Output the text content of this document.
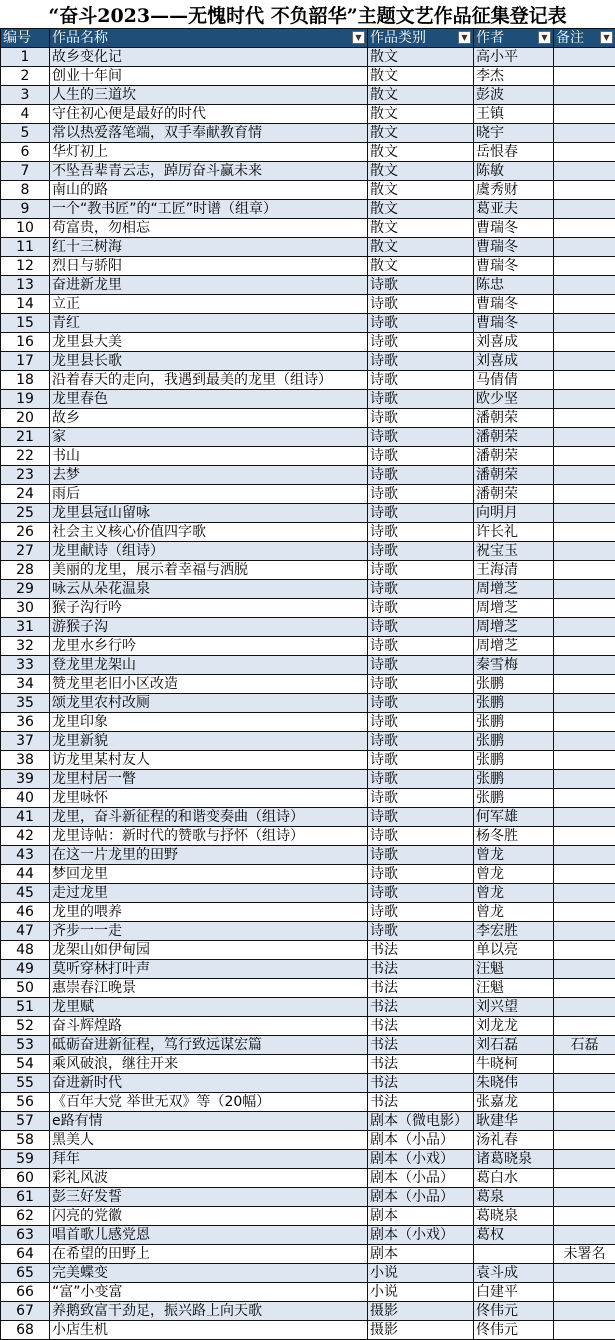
“奋斗2023——无愧时代 不负韶华”主题文艺作品征集登记表
编号	作品名称 ▼	作品类别 ▼	作者 ▼	备注 ▼

1	故乡变化记	散文	高小平	
2	创业十年间	散文	李杰	
3	人生的三道坎	散文	彭波	
4	守住初心便是最好的时代	散文	王镇	
5	常以热爱落笔端，双手奉献教育情	散文	晓宇	
6	华灯初上	散文	岳恨春	
7	不坠吾辈青云志，踔厉奋斗赢未来	散文	陈敏	
8	南山的路	散文	虞秀财	
9	一个“教书匠”的“工匠”时谱（组章）	散文	葛亚夫	
10	苟富贵，勿相忘	散文	曹瑞冬	
11	红十三树海	散文	曹瑞冬	
12	烈日与骄阳	散文	曹瑞冬	
13	奋进新龙里	诗歌	陈忠	
14	立正	诗歌	曹瑞冬	
15	青红	诗歌	曹瑞冬	
16	龙里县大美	诗歌	刘喜成	
17	龙里县长歌	诗歌	刘喜成	
18	沿着春天的走向，我遇到最美的龙里（组诗）	诗歌	马倩倩	
19	龙里春色	诗歌	欧少坚	
20	故乡	诗歌	潘朝荣	
21	家	诗歌	潘朝荣	
22	书山	诗歌	潘朝荣	
23	去梦	诗歌	潘朝荣	
24	雨后	诗歌	潘朝荣	
25	龙里县冠山留咏	诗歌	向明月	
26	社会主义核心价值四字歌	诗歌	许长礼	
27	龙里献诗（组诗）	诗歌	祝宝玉	
28	美丽的龙里，展示着幸福与洒脱	诗歌	王海清	
29	咏云从朵花温泉	诗歌	周增芝	
30	猴子沟行吟	诗歌	周增芝	
31	游猴子沟	诗歌	周增芝	
32	龙里水乡行吟	诗歌	周增芝	
33	登龙里龙架山	诗歌	秦雪梅	
34	赞龙里老旧小区改造	诗歌	张鹏	
35	颂龙里农村改厕	诗歌	张鹏	
36	龙里印象	诗歌	张鹏	
37	龙里新貌	诗歌	张鹏	
38	访龙里某村友人	诗歌	张鹏	
39	龙里村居一瞥	诗歌	张鹏	
40	龙里咏怀	诗歌	张鹏	
41	龙里，奋斗新征程的和谐变奏曲（组诗）	诗歌	何军雄	
42	龙里诗帖：新时代的赞歌与抒怀（组诗）	诗歌	杨冬胜	
43	在这一片龙里的田野	诗歌	曾龙	
44	梦回龙里	诗歌	曾龙	
45	走过龙里	诗歌	曾龙	
46	龙里的喂养	诗歌	曾龙	
47	齐步一一走	诗歌	李宏胜	
48	龙架山如伊甸园	书法	单以亮	
49	莫听穿林打叶声	书法	汪魁	
50	惠崇春江晚景	书法	汪魁	
51	龙里赋	书法	刘兴望	
52	奋斗辉煌路	书法	刘龙龙	
53	砥砺奋进新征程，笃行致远谋宏篇	书法	刘石磊	石磊
54	乘风破浪，继往开来	书法	牛晓柯	
55	奋进新时代	书法	朱晓伟	
56	《百年大党 举世无双》等（20幅）	书法	张嘉龙	
57	e路有情	剧本（微电影）	耿建华	
58	黑美人	剧本（小品）	汤礼春	
59	拜年	剧本（小戏）	诸葛晓泉	
60	彩礼风波	剧本（小品）	葛白水	
61	彭三好发誓	剧本（小品）	葛泉	
62	闪亮的党徽	剧本	葛晓泉	
63	唱首歌儿感党恩	剧本（小戏）	葛权	
64	在希望的田野上	剧本		未署名
65	完美蝶变	小说	袁斗成	
66	“富”小变富	小说	白建平	
67	养鹅致富干劲足，振兴路上向天歌	摄影	佟伟元	
68	小店生机	摄影	佟伟元	
